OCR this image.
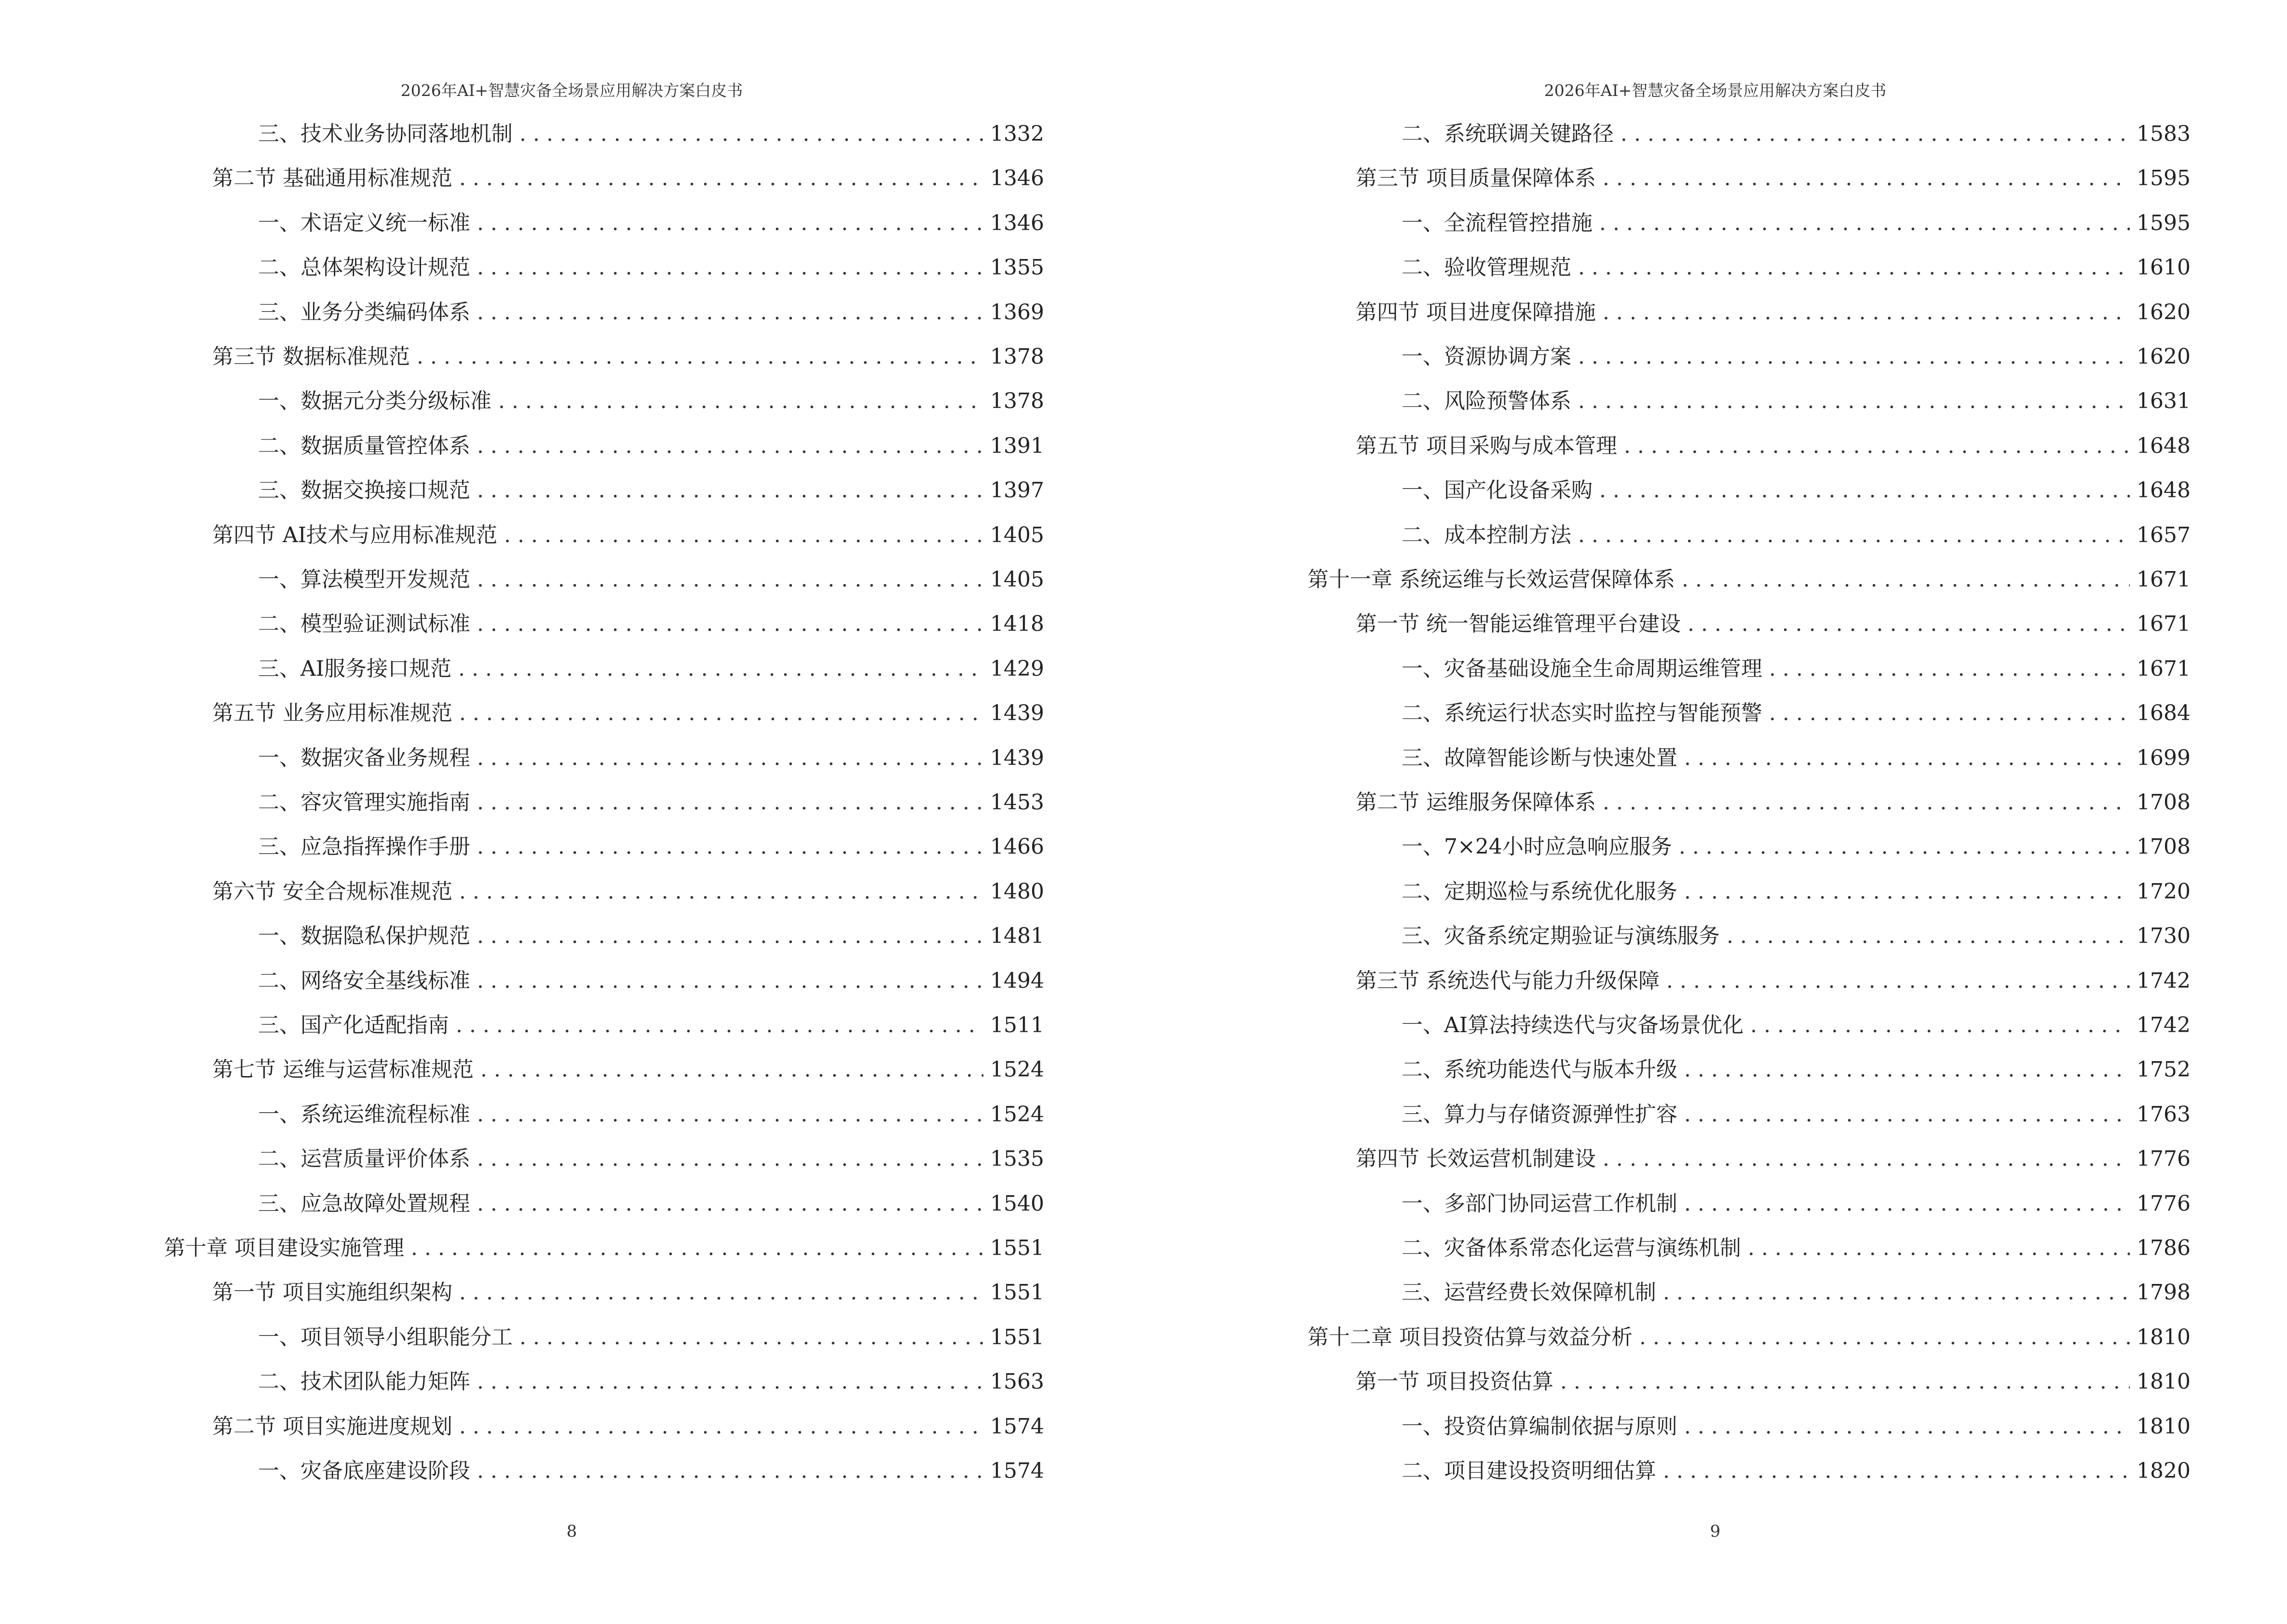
2026年AI+智慧灾备全场景应用解决方案白皮书
三、技术业务协同落地机制 . . .	1332
第二节 基础通用标准规范 . . .	1346
一、术语定义统一标准 . . .	1346
二、总体架构设计规范 . . .	1355
三、业务分类编码体系 . . .	1369
第三节 数据标准规范 . . .	1378
一、数据元分类分级标准 . . .	1378
二、数据质量管控体系 . . .	1391
三、数据交换接口规范 . . .	1397
第四节 AI技术与应用标准规范 . . .	1405
一、算法模型开发规范 . . .	1405
二、模型验证测试标准 . . .	1418
三、AI服务接口规范 . . .	1429
第五节 业务应用标准规范 . . .	1439
一、数据灾备业务规程 . . .	1439
二、容灾管理实施指南 . . .	1453
三、应急指挥操作手册 . . .	1466
第六节 安全合规标准规范 . . .	1480
一、数据隐私保护规范 . . .	1481
二、网络安全基线标准 . . .	1494
三、国产化适配指南 . . .	1511
第七节 运维与运营标准规范 . . .	1524
一、系统运维流程标准 . . .	1524
二、运营质量评价体系 . . .	1535
三、应急故障处置规程 . . .	1540
第十章 项目建设实施管理 . . .	1551
第一节 项目实施组织架构 . . .	1551
一、项目领导小组职能分工 . . .	1551
二、技术团队能力矩阵 . . .	1563
第二节 项目实施进度规划 . . .	1574
一、灾备底座建设阶段 . . .	1574
8
2026年AI+智慧灾备全场景应用解决方案白皮书
二、系统联调关键路径 . . .	1583
第三节 项目质量保障体系 . . .	1595
一、全流程管控措施 . . .	1595
二、验收管理规范 . . .	1610
第四节 项目进度保障措施 . . .	1620
一、资源协调方案 . . .	1620
二、风险预警体系 . . .	1631
第五节 项目采购与成本管理 . . .	1648
一、国产化设备采购 . . .	1648
二、成本控制方法 . . .	1657
第十一章 系统运维与长效运营保障体系 . . .	1671
第一节 统一智能运维管理平台建设 . . .	1671
一、灾备基础设施全生命周期运维管理 . . .	1671
二、系统运行状态实时监控与智能预警 . . .	1684
三、故障智能诊断与快速处置 . . .	1699
第二节 运维服务保障体系 . . .	1708
一、7×24小时应急响应服务 . . .	1708
二、定期巡检与系统优化服务 . . .	1720
三、灾备系统定期验证与演练服务 . . .	1730
第三节 系统迭代与能力升级保障 . . .	1742
一、AI算法持续迭代与灾备场景优化 . . .	1742
二、系统功能迭代与版本升级 . . .	1752
三、算力与存储资源弹性扩容 . . .	1763
第四节 长效运营机制建设 . . .	1776
一、多部门协同运营工作机制 . . .	1776
二、灾备体系常态化运营与演练机制 . . .	1786
三、运营经费长效保障机制 . . .	1798
第十二章 项目投资估算与效益分析 . . .	1810
第一节 项目投资估算 . . .	1810
一、投资估算编制依据与原则 . . .	1810
二、项目建设投资明细估算 . . .	1820
9
